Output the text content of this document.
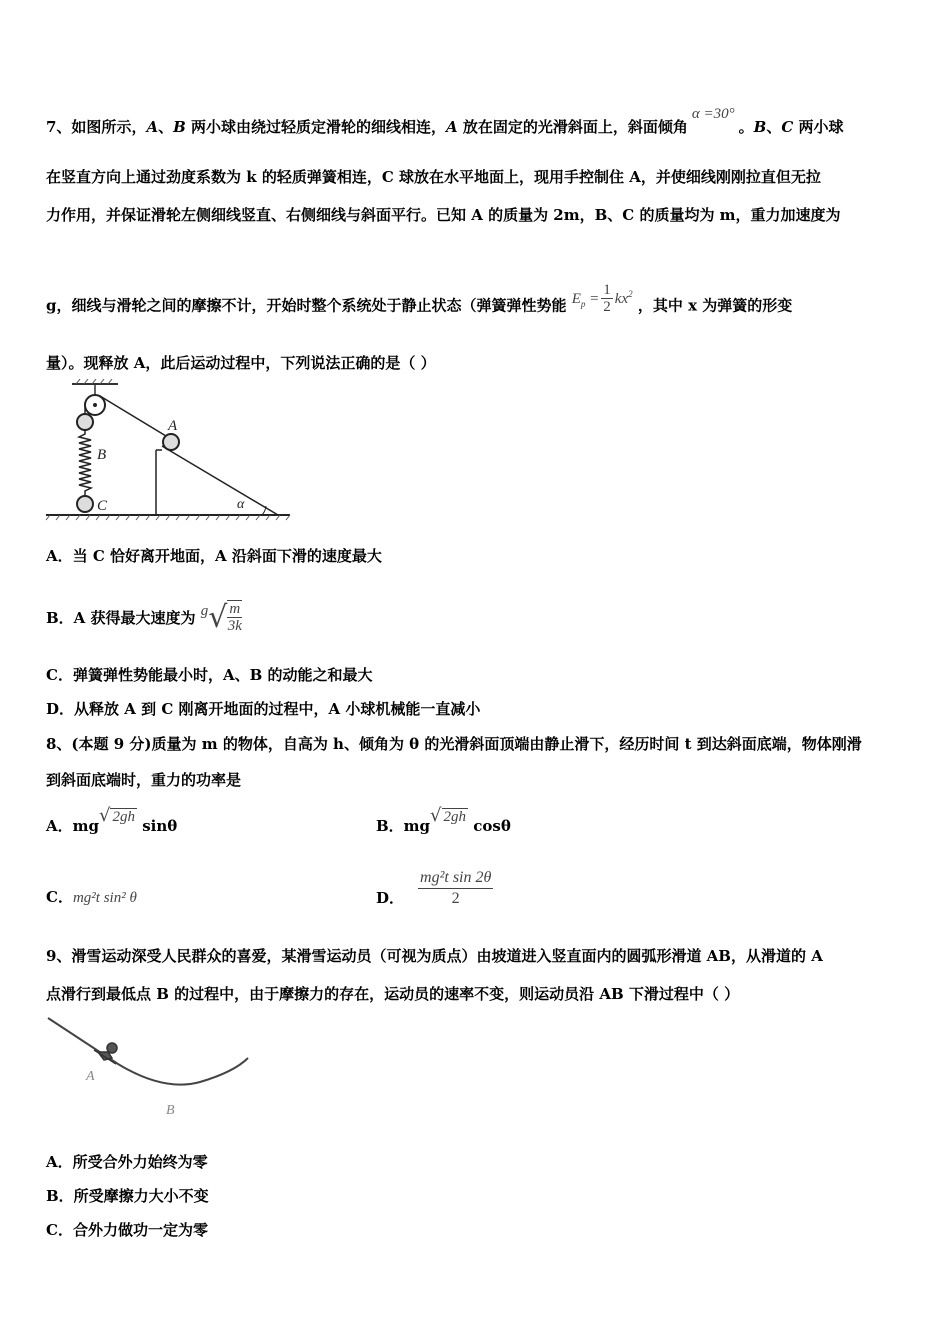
7、如图所示，A、B 两小球由绕过轻质定滑轮的细线相连，A 放在固定的光滑斜面上，斜面倾角α =30°。B、C 两小球
在竖直方向上通过劲度系数为 k 的轻质弹簧相连，C 球放在水平地面上，现用手控制住 A，并使细线刚刚拉直但无拉
力作用，并保证滑轮左侧细线竖直、右侧细线与斜面平行。已知 A 的质量为 2m，B、C 的质量均为 m，重力加速度为
g，细线与滑轮之间的摩擦不计，开始时整个系统处于静止状态（弹簧弹性势能 $E_p = \frac{1}{2} kx^2$ ，其中 x 为弹簧的形变
量）。现释放 A，此后运动过程中，下列说法正确的是（ ）
A
B
C	α
A．当 C 恰好离开地面，A 沿斜面下滑的速度最大
B．A 获得最大速度为 $g√ \frac{m}{3k}$
C．弹簧弹性势能最小时，A、B 的动能之和最大
D．从释放 A 到 C 刚离开地面的过程中，A 小球机械能一直减小
8、(本题 9 分)质量为 m 的物体，自高为 h、倾角为 θ 的光滑斜面顶端由静止滑下，经历时间 t 到达斜面底端，物体刚滑
到斜面底端时，重力的功率是
A．mg√ 2gh sinθ	B．mg√ 2gh cosθ
C．mg²t sin² θ	D． $\frac{\text{mg²t sin 2θ}}{2}$
9、滑雪运动深受人民群众的喜爱，某滑雪运动员（可视为质点）由坡道进入竖直面内的圆弧形滑道 AB，从滑道的 A
点滑行到最低点 B 的过程中，由于摩擦力的存在，运动员的速率不变，则运动员沿 AB 下滑过程中（ ）
A
B
A．所受合外力始终为零
B．所受摩擦力大小不变
C．合外力做功一定为零
